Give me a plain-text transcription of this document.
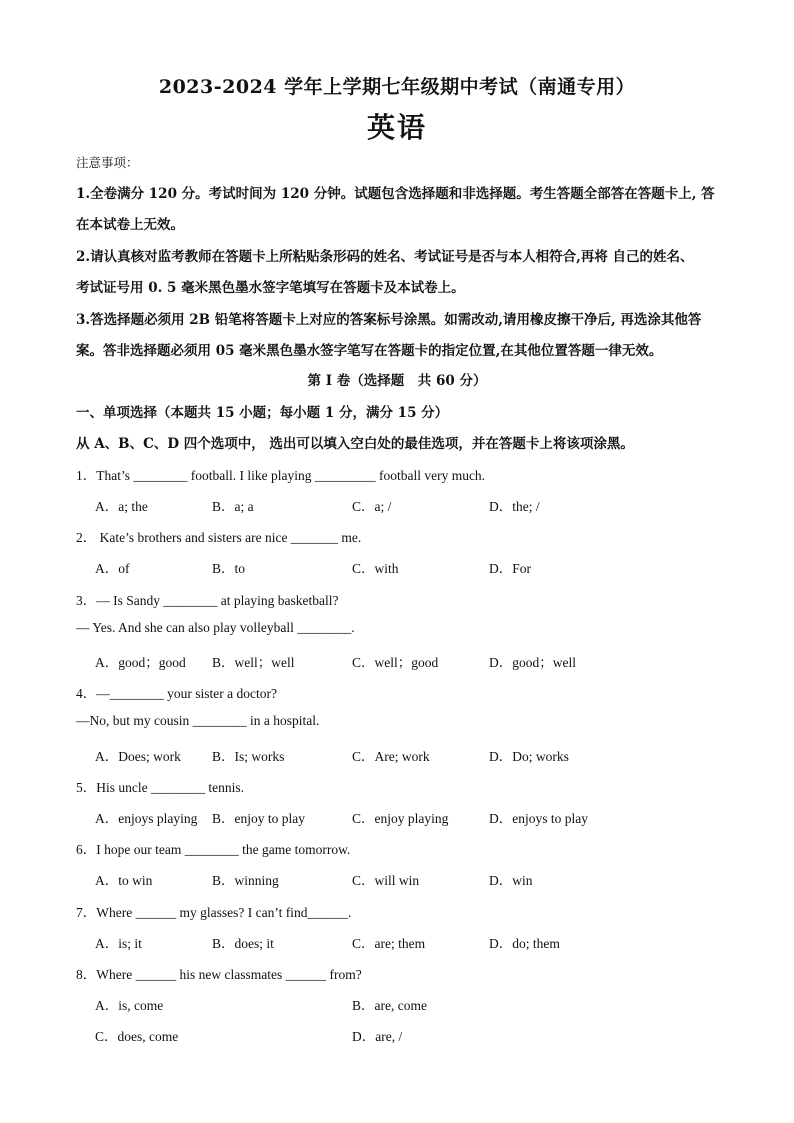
2023-2024 学年上学期七年级期中考试（南通专用）
英语
注意事项：
1.全卷满分 120 分。考试时间为 120 分钟。试题包含选择题和非选择题。考生答题全部答在答题卡上, 答
在本试卷上无效。
2.请认真核对监考教师在答题卡上所粘贴条形码的姓名、考试证号是否与本人相符合,再将 自己的姓名、
考试证号用 0. 5 毫米黑色墨水签字笔填写在答题卡及本试卷上。
3.答选择题必须用 2B 铅笔将答题卡上对应的答案标号涂黑。如需改动,请用橡皮擦干净后, 再选涂其他答
案。答非选择题必须用 05 毫米黑色墨水签字笔写在答题卡的指定位置,在其他位置答题一律无效。
第 I 卷（选择题　共 60 分）
一、单项选择（本题共 15 小题；每小题 1 分，满分 15 分）
从 A、B、C、D 四个选项中， 选出可以填入空白处的最佳选项，并在答题卡上将该项涂黑。
1．That’s ________ football. I like playing _________ football very much.
A．a; the	B．a; a	C．a; /	D．the; /
2． Kate’s brothers and sisters are nice _______ me.
A．of	B．to	C．with	D．For
3．— Is Sandy ________ at playing basketball?
— Yes. And she can also play volleyball ________.
A．good；good B．well；well	C．well；good	D．good；well
4．—________ your sister a doctor?
—No, but my cousin ________ in a hospital.
A．Does; work B．Is; works	C．Are; work	D．Do; works
5．His uncle ________ tennis.
A．enjoys playing B．enjoy to play	C．enjoy playing	D．enjoys to play
6．I hope our team ________ the game tomorrow.
A．to win	B．winning	C．will win	D．win
7．Where ______ my glasses? I can’t find______.
A．is; it	B．does; it	C．are; them	D．do; them
8．Where ______ his new classmates ______ from?
A．is, come	B．are, come
C．does, come	D．are, /
